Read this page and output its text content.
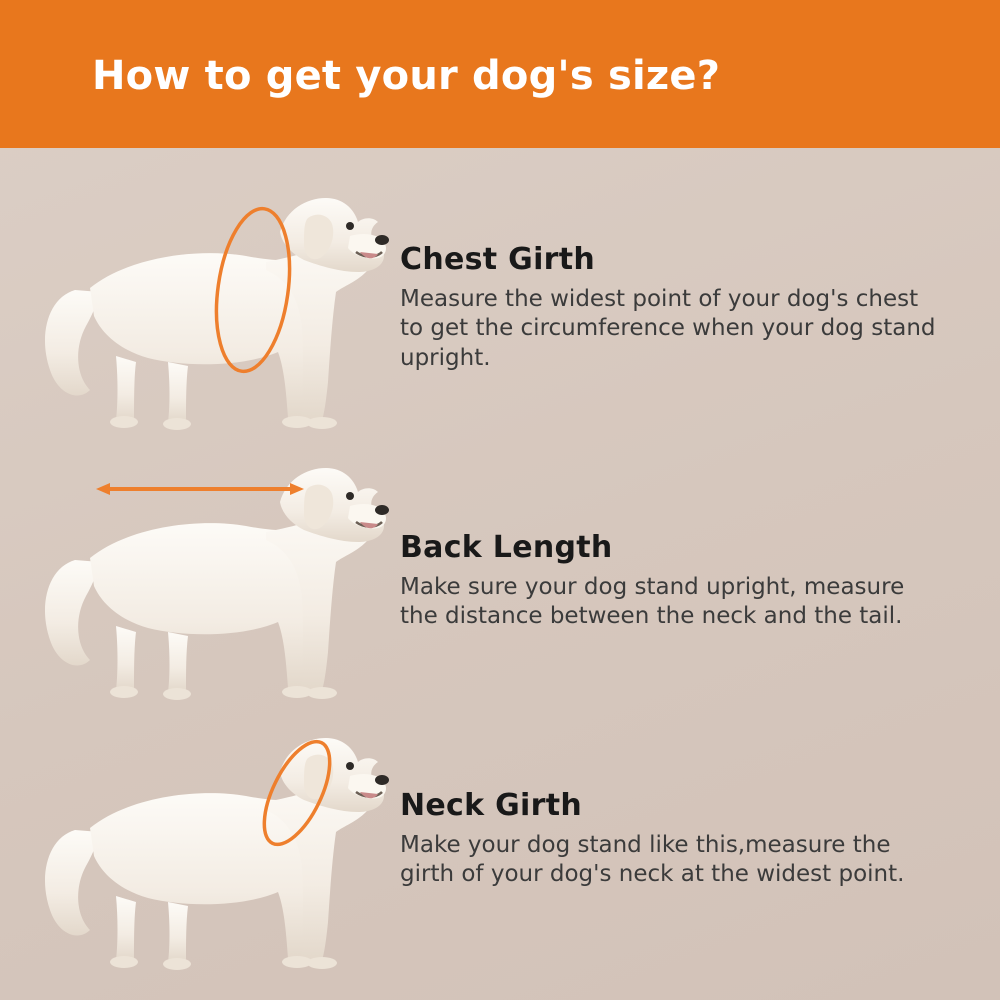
How to get your dog's size?
Chest Girth
Measure the widest point of your dog's chest to get the circumference when your dog stand upright.
Back Length
Make sure your dog stand upright, measure the distance between the neck and the tail.
Neck Girth
Make your dog stand like this,measure the girth of your dog's neck at the widest point.
